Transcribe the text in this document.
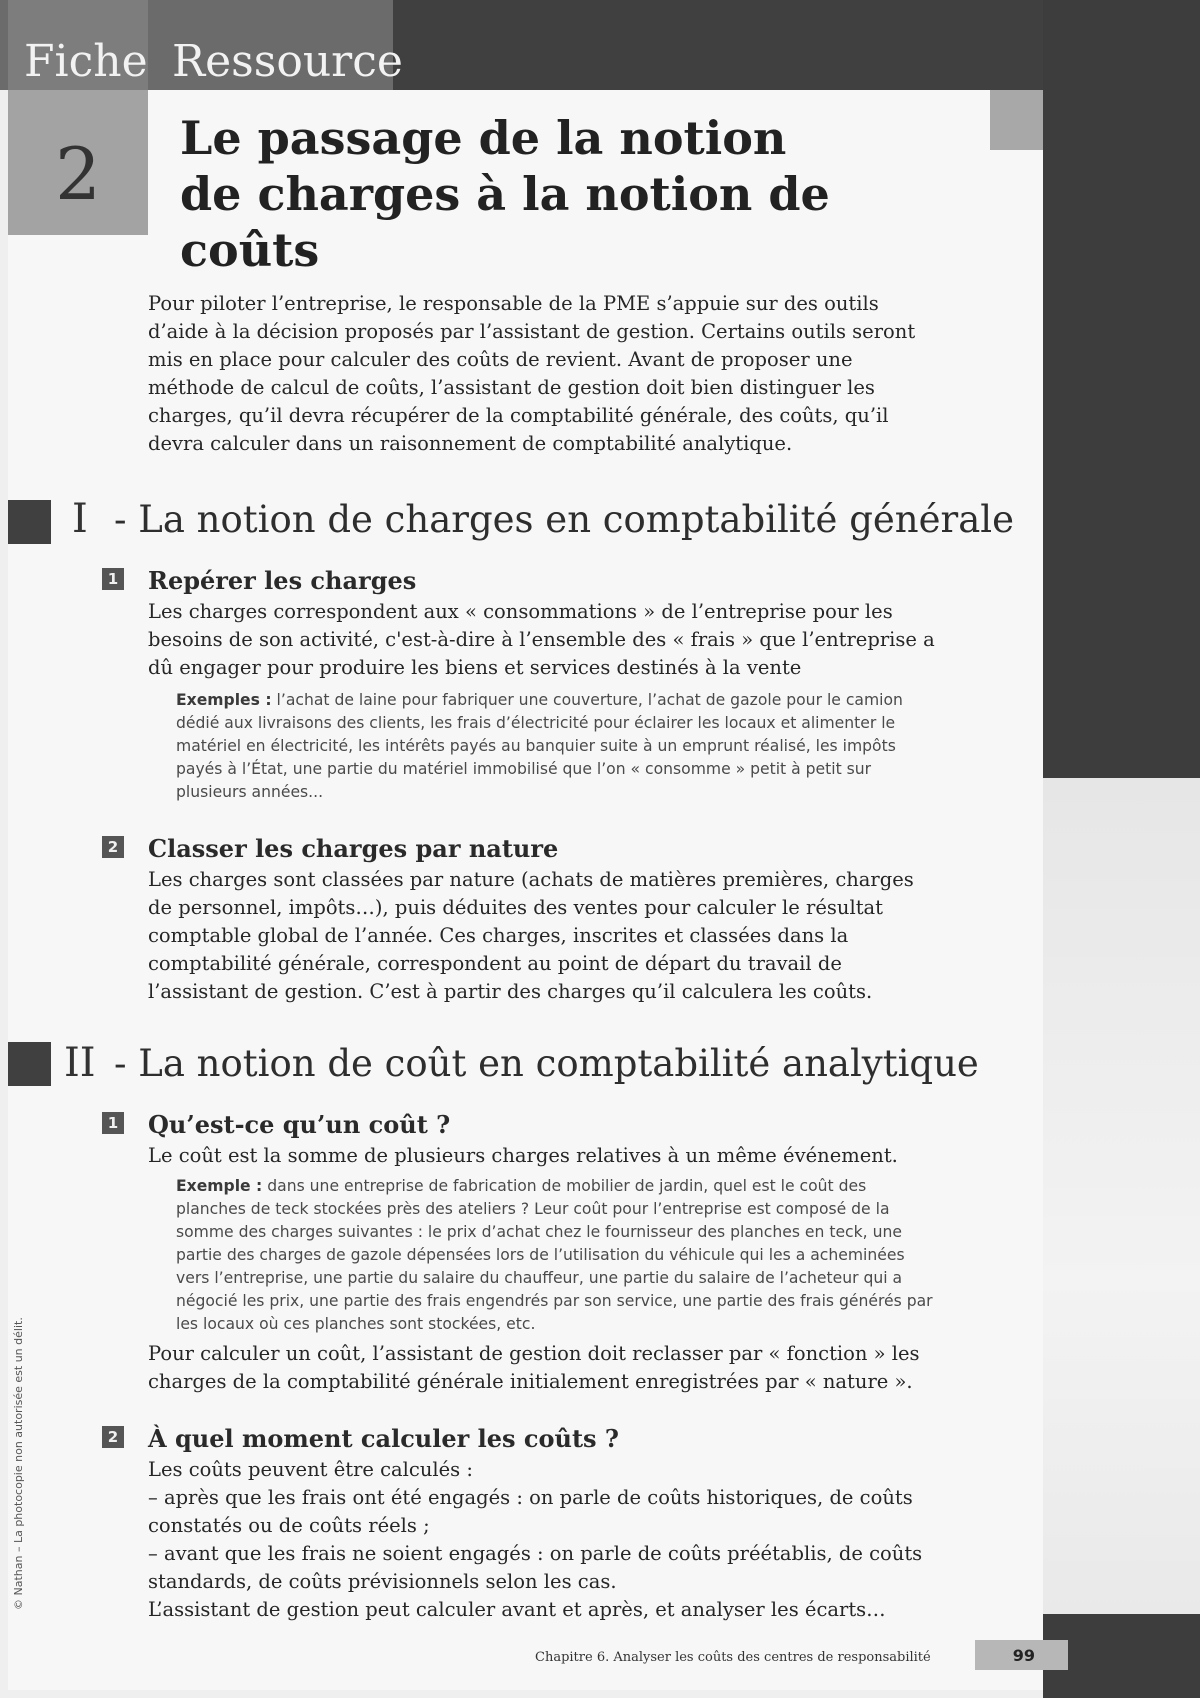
Fiche Ressource
2	Le passage de la notion
de charges à la notion de coûts
Pour piloter l’entreprise, le responsable de la PME s’appuie sur des outils d’aide à la décision proposés par l’assistant de gestion. Certains outils seront mis en place pour calculer des coûts de revient. Avant de proposer une méthode de calcul de coûts, l’assistant de gestion doit bien distinguer les charges, qu’il devra récupérer de la comptabilité générale, des coûts, qu’il devra calculer dans un raisonnement de comptabilité analytique.
I - La notion de charges en comptabilité générale
1 Repérer les charges
Les charges correspondent aux « consommations » de l’entreprise pour les besoins de son activité, c'est-à-dire à l’ensemble des « frais » que l’entreprise a dû engager pour produire les biens et services destinés à la vente
Exemples : l’achat de laine pour fabriquer une couverture, l’achat de gazole pour le camion dédié aux livraisons des clients, les frais d’électricité pour éclairer les locaux et alimenter le matériel en électricité, les intérêts payés au banquier suite à un emprunt réalisé, les impôts payés à l’État, une partie du matériel immobilisé que l’on « consomme » petit à petit sur plusieurs années...
2 Classer les charges par nature
Les charges sont classées par nature (achats de matières premières, charges de personnel, impôts…), puis déduites des ventes pour calculer le résultat comptable global de l’année. Ces charges, inscrites et classées dans la comptabilité générale, correspondent au point de départ du travail de l’assistant de gestion. C’est à partir des charges qu’il calculera les coûts.
II - La notion de coût en comptabilité analytique
1 Qu’est-ce qu’un coût ?
Le coût est la somme de plusieurs charges relatives à un même événement.
Exemple : dans une entreprise de fabrication de mobilier de jardin, quel est le coût des planches de teck stockées près des ateliers ? Leur coût pour l’entreprise est composé de la somme des charges suivantes : le prix d’achat chez le fournisseur des planches en teck, une partie des charges de gazole dépensées lors de l’utilisation du véhicule qui les a acheminées vers l’entreprise, une partie du salaire du chauffeur, une partie du salaire de l’acheteur qui a négocié les prix, une partie des frais engendrés par son service, une partie des frais générés par les locaux où ces planches sont stockées, etc.
Pour calculer un coût, l’assistant de gestion doit reclasser par « fonction » les charges de la comptabilité générale initialement enregistrées par « nature ».
2 À quel moment calculer les coûts ?
Les coûts peuvent être calculés :
– après que les frais ont été engagés : on parle de coûts historiques, de coûts constatés ou de coûts réels ;
– avant que les frais ne soient engagés : on parle de coûts préétablis, de coûts standards, de coûts prévisionnels selon les cas.
L’assistant de gestion peut calculer avant et après, et analyser les écarts…
© Nathan – La photocopie non autorisée est un délit.
Chapitre 6. Analyser les coûts des centres de responsabilité	99
